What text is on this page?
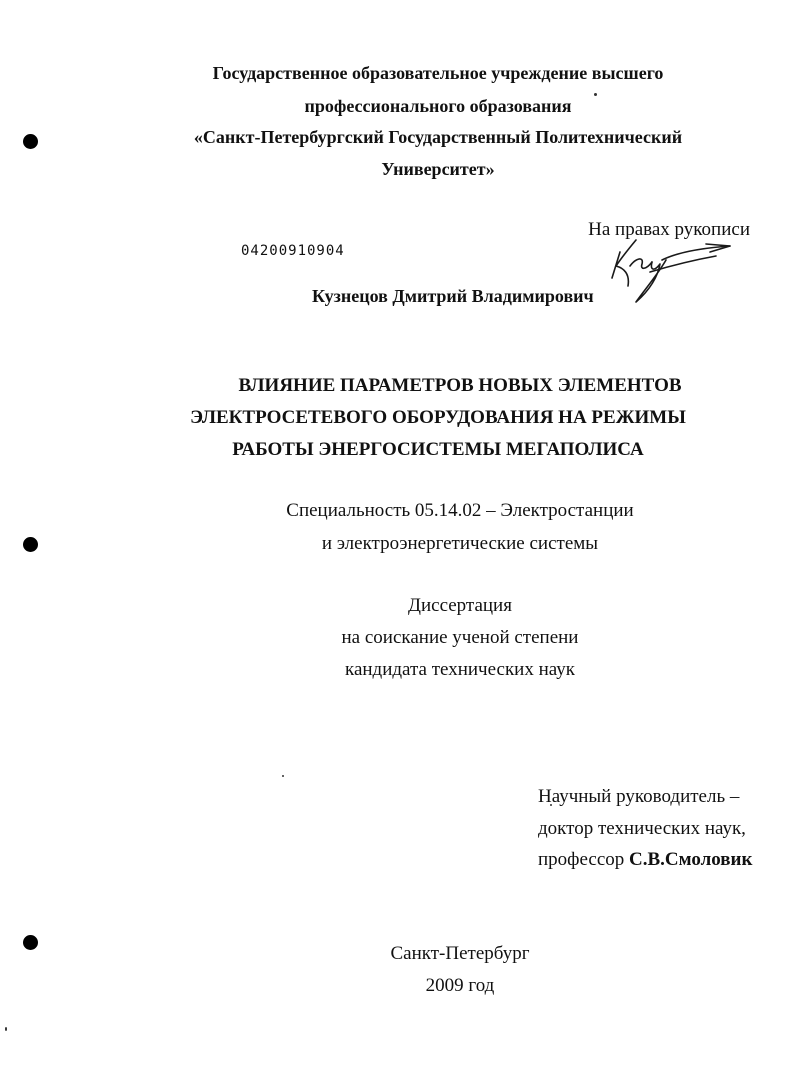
Государственное образовательное учреждение высшего
профессионального образования
«Санкт-Петербургский Государственный Политехнический
Университет»
На правах рукописи
04200910904
Кузнецов Дмитрий Владимирович
ВЛИЯНИЕ ПАРАМЕТРОВ НОВЫХ ЭЛЕМЕНТОВ
ЭЛЕКТРОСЕТЕВОГО ОБОРУДОВАНИЯ НА РЕЖИМЫ
РАБОТЫ ЭНЕРГОСИСТЕМЫ МЕГАПОЛИСА
Специальность 05.14.02 – Электростанции
и электроэнергетические системы
Диссертация
на соискание ученой степени
кандидата технических наук
Научный руководитель –
доктор технических наук,
профессор С.В.Смоловик
Санкт-Петербург
2009 год
